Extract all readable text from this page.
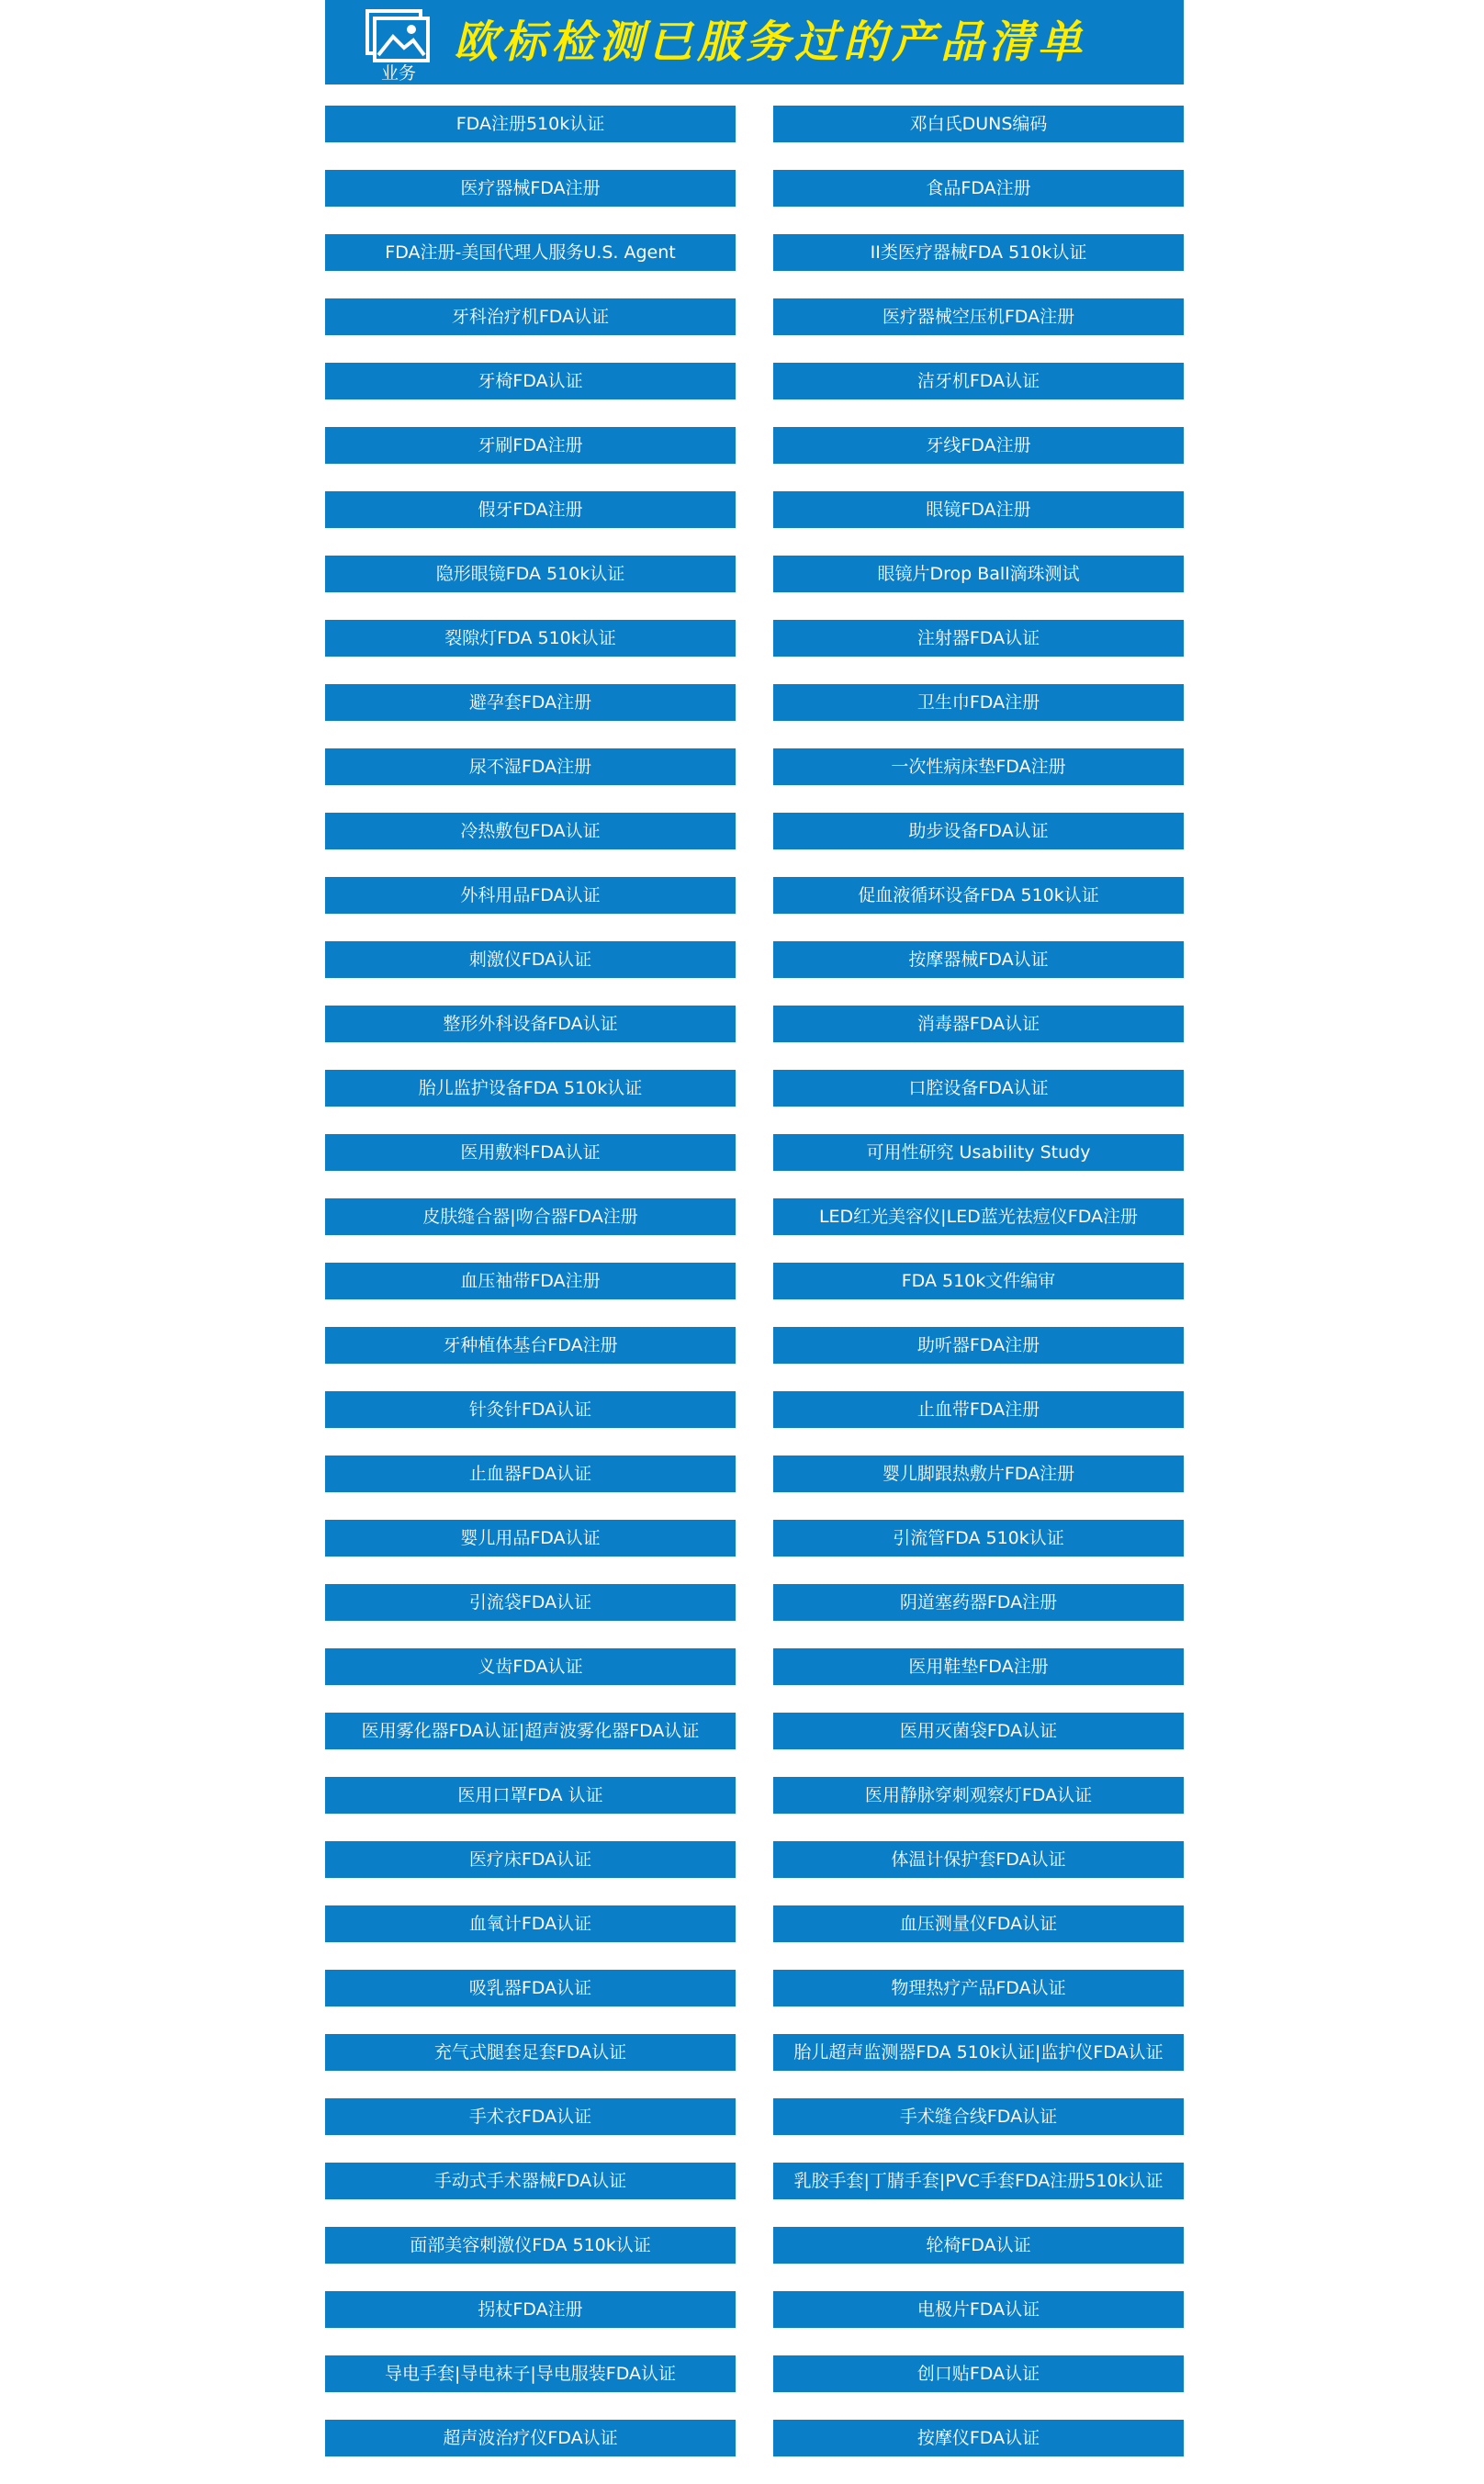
业务
欧标检测已服务过的产品清单
FDA注册510k认证	邓白氏DUNS编码
医疗器械FDA注册	食品FDA注册
FDA注册-美国代理人服务U.S. Agent	II类医疗器械FDA 510k认证
牙科治疗机FDA认证	医疗器械空压机FDA注册
牙椅FDA认证	洁牙机FDA认证
牙刷FDA注册	牙线FDA注册
假牙FDA注册	眼镜FDA注册
隐形眼镜FDA 510k认证	眼镜片Drop Ball滴珠测试
裂隙灯FDA 510k认证	注射器FDA认证
避孕套FDA注册	卫生巾FDA注册
尿不湿FDA注册	一次性病床垫FDA注册
冷热敷包FDA认证	助步设备FDA认证
外科用品FDA认证	促血液循环设备FDA 510k认证
刺激仪FDA认证	按摩器械FDA认证
整形外科设备FDA认证	消毒器FDA认证
胎儿监护设备FDA 510k认证	口腔设备FDA认证
医用敷料FDA认证	可用性研究 Usability Study
皮肤缝合器|吻合器FDA注册	LED红光美容仪|LED蓝光祛痘仪FDA注册
血压袖带FDA注册	FDA 510k文件编审
牙种植体基台FDA注册	助听器FDA注册
针灸针FDA认证	止血带FDA注册
止血器FDA认证	婴儿脚跟热敷片FDA注册
婴儿用品FDA认证	引流管FDA 510k认证
引流袋FDA认证	阴道塞药器FDA注册
义齿FDA认证	医用鞋垫FDA注册
医用雾化器FDA认证|超声波雾化器FDA认证	医用灭菌袋FDA认证
医用口罩FDA 认证	医用静脉穿刺观察灯FDA认证
医疗床FDA认证	体温计保护套FDA认证
血氧计FDA认证	血压测量仪FDA认证
吸乳器FDA认证	物理热疗产品FDA认证
充气式腿套足套FDA认证	胎儿超声监测器FDA 510k认证|监护仪FDA认证
手术衣FDA认证	手术缝合线FDA认证
手动式手术器械FDA认证	乳胶手套|丁腈手套|PVC手套FDA注册510k认证
面部美容刺激仪FDA 510k认证	轮椅FDA认证
拐杖FDA注册	电极片FDA认证
导电手套|导电袜子|导电服装FDA认证	创口贴FDA认证
超声波治疗仪FDA认证	按摩仪FDA认证
